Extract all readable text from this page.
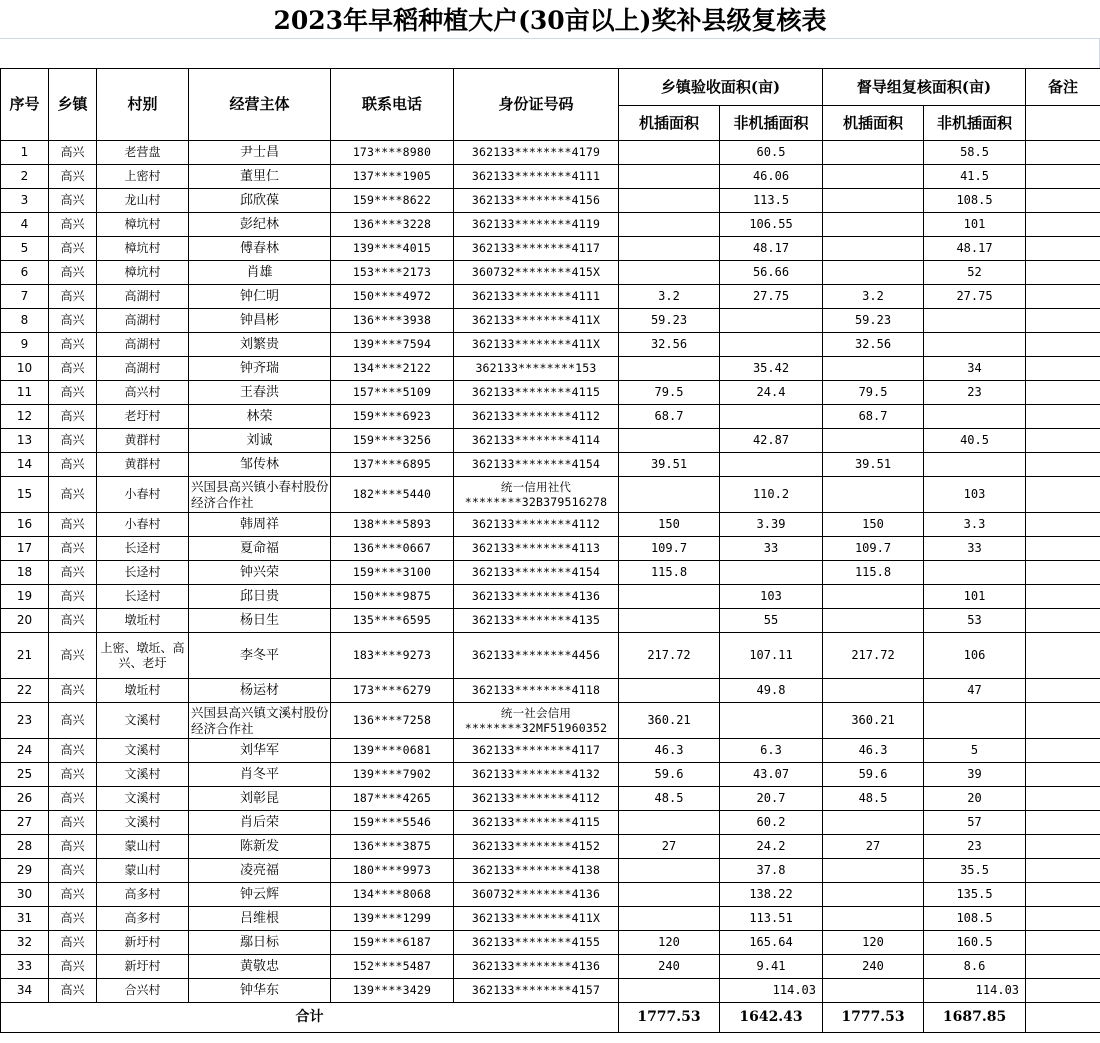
2023年早稻种植大户(30亩以上)奖补县级复核表
序号	乡镇	村别	经营主体	联系电话	身份证号码	乡镇验收面积(亩)		督导组复核面积(亩)		备注
						机插面积	非机插面积	机插面积	非机插面积	
1	高兴	老营盘	尹士昌	173****8980	362133********4179		60.5		58.5	
2	高兴	上密村	董里仁	137****1905	362133********4111		46.06		41.5	
3	高兴	龙山村	邱欣葆	159****8622	362133********4156		113.5		108.5	
4	高兴	樟坑村	彭纪林	136****3228	362133********4119		106.55		101	
5	高兴	樟坑村	傅春林	139****4015	362133********4117		48.17		48.17	
6	高兴	樟坑村	肖雄	153****2173	360732********415X		56.66		52	
7	高兴	高湖村	钟仁明	150****4972	362133********4111	3.2	27.75	3.2	27.75	
8	高兴	高湖村	钟昌彬	136****3938	362133********411X	59.23		59.23		
9	高兴	高湖村	刘繁贵	139****7594	362133********411X	32.56		32.56		
10	高兴	高湖村	钟齐瑞	134****2122	362133********153		35.42		34	
11	高兴	高兴村	王春洪	157****5109	362133********4115	79.5	24.4	79.5	23	
12	高兴	老圩村	林荣	159****6923	362133********4112	68.7		68.7		
13	高兴	黄群村	刘诚	159****3256	362133********4114		42.87		40.5	
14	高兴	黄群村	邹传林	137****6895	362133********4154	39.51		39.51		
15	高兴	小春村	兴国县高兴镇小春村股份经济合作社	182****5440	统一信用社代
********32B379516278		110.2		103	
16	高兴	小春村	韩周祥	138****5893	362133********4112	150	3.39	150	3.3	
17	高兴	长迳村	夏命福	136****0667	362133********4113	109.7	33	109.7	33	
18	高兴	长迳村	钟兴荣	159****3100	362133********4154	115.8		115.8		
19	高兴	长迳村	邱日贵	150****9875	362133********4136		103		101	
20	高兴	墩坵村	杨日生	135****6595	362133********4135		55		53	
21	高兴	上密、墩坵、高兴、老圩	李冬平	183****9273	362133********4456	217.72	107.11	217.72	106	
22	高兴	墩坵村	杨运材	173****6279	362133********4118		49.8		47	
23	高兴	文溪村	兴国县高兴镇文溪村股份经济合作社	136****7258	统一社会信用
********32MF51960352	360.21		360.21		
24	高兴	文溪村	刘华军	139****0681	362133********4117	46.3	6.3	46.3	5	
25	高兴	文溪村	肖冬平	139****7902	362133********4132	59.6	43.07	59.6	39	
26	高兴	文溪村	刘彰昆	187****4265	362133********4112	48.5	20.7	48.5	20	
27	高兴	文溪村	肖后荣	159****5546	362133********4115		60.2		57	
28	高兴	蒙山村	陈新发	136****3875	362133********4152	27	24.2	27	23	
29	高兴	蒙山村	凌亮福	180****9973	362133********4138		37.8		35.5	
30	高兴	高多村	钟云辉	134****8068	360732********4136		138.22		135.5	
31	高兴	高多村	吕维根	139****1299	362133********411X		113.51		108.5	
32	高兴	新圩村	鄢日标	159****6187	362133********4155	120	165.64	120	160.5	
33	高兴	新圩村	黄敬忠	152****5487	362133********4136	240	9.41	240	8.6	
34	高兴	合兴村	钟华东	139****3429	362133********4157		114.03		114.03	
合计						1777.53	1642.43	1777.53	1687.85	
